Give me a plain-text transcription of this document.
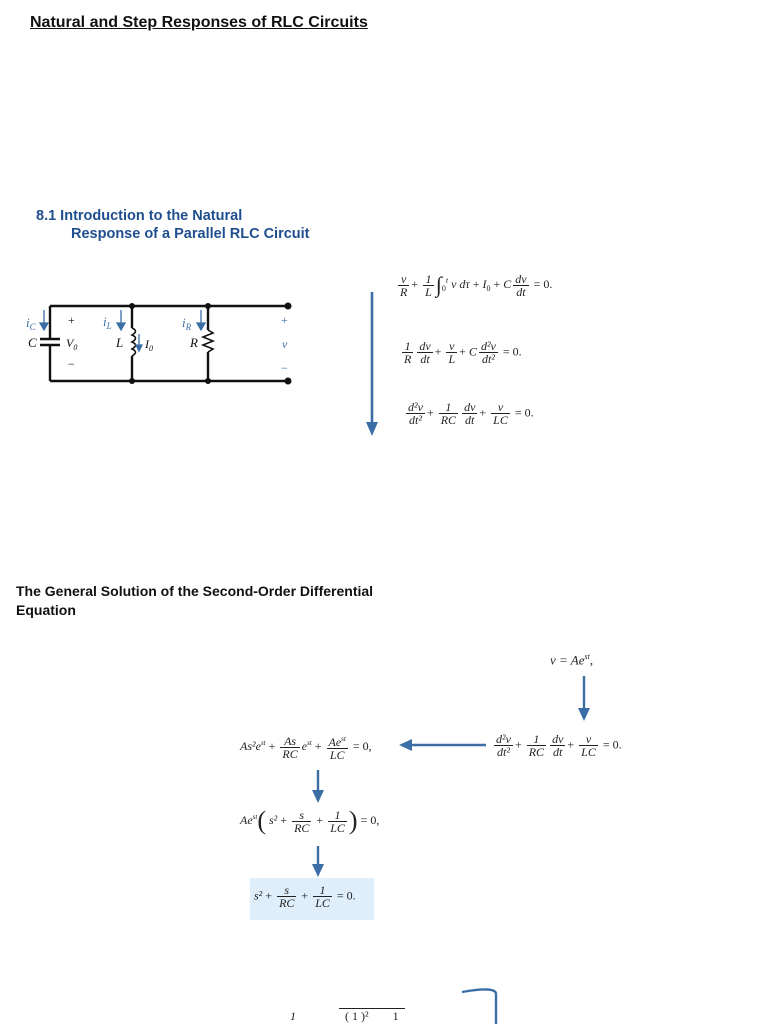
Natural and Step Responses of RLC Circuits
8.1 Introduction to the Natural
Response of a Parallel RLC Circuit
The General Solution of the Second-Order Differential
Equation
$i_C$
C
+
$V_0$
−
$i_L$
L $I_0$
$i_R$
R
+
v
−
$\frac{v}{R} + \frac{1}{L} \int_0^t$ v $d\tau + I_0 + C \frac{dv}{dt} = 0$.
$\frac{1}{R} \frac{dv}{dt} + \frac{v}{L} + C \frac{\text{d²v}}{\text{dt²}} = 0$.
$\frac{\text{d²v}}{\text{dt²}} + \frac{1}{RC} \frac{dv}{dt} + \frac{v}{LC} = 0$.
$v = Ae^{st}$,
$\frac{\text{d²v}}{\text{dt²}} + \frac{1}{RC} \frac{dv}{dt} + \frac{v}{LC} = 0$.
$As^2e^{st} + \frac{As}{RC} e^{st} + \frac{Ae^{st}}{LC} = 0$,
$Ae^{st}$( $s^2 + \frac{s}{RC} + \frac{1}{LC}$ ) = 0,
$s^2 + \frac{s}{RC} + \frac{1}{LC} = 0$.
1	( 1 )²        1
